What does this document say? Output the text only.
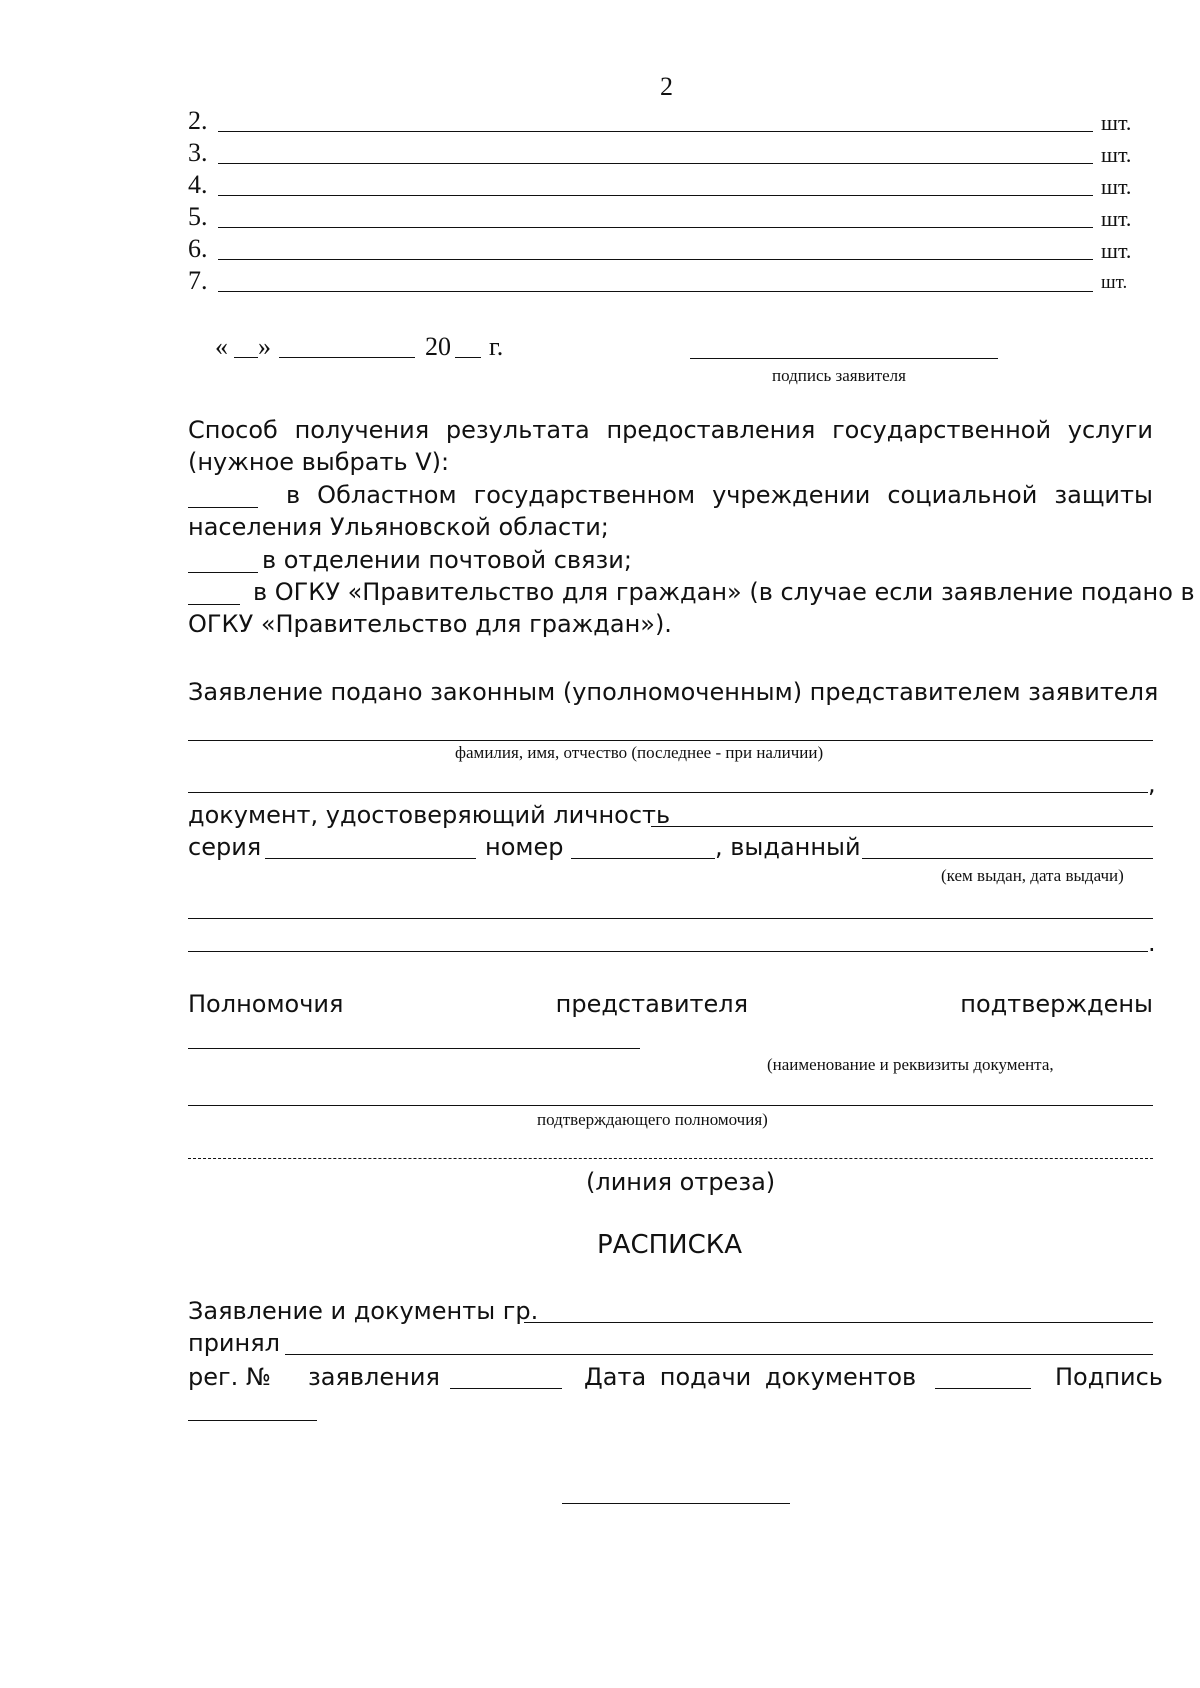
2
2.	шт.
3.	шт.
4.	шт.
5.	шт.
6.	шт.
7.	шт.
« »	20 г.
подпись заявителя
Способ получения результата предоставления государственной услуги
(нужное выбрать V):
в Областном государственном учреждении социальной защиты
населения Ульяновской области;
в отделении почтовой связи;
в ОГКУ «Правительство для граждан» (в случае если заявление подано в
ОГКУ «Правительство для граждан»).
Заявление подано законным (уполномоченным) представителем заявителя
фамилия, имя, отчество (последнее - при наличии)
,
документ, удостоверяющий личность
серия	номер	, выданный
(кем выдан, дата выдачи)
.
Полномочия	представителя	подтверждены
(наименование и реквизиты документа,
подтверждающего полномочия)
(линия отреза)
РАСПИСКА
Заявление и документы гр.
принял
рег. № заявления	Дата подачи документов	Подпись
